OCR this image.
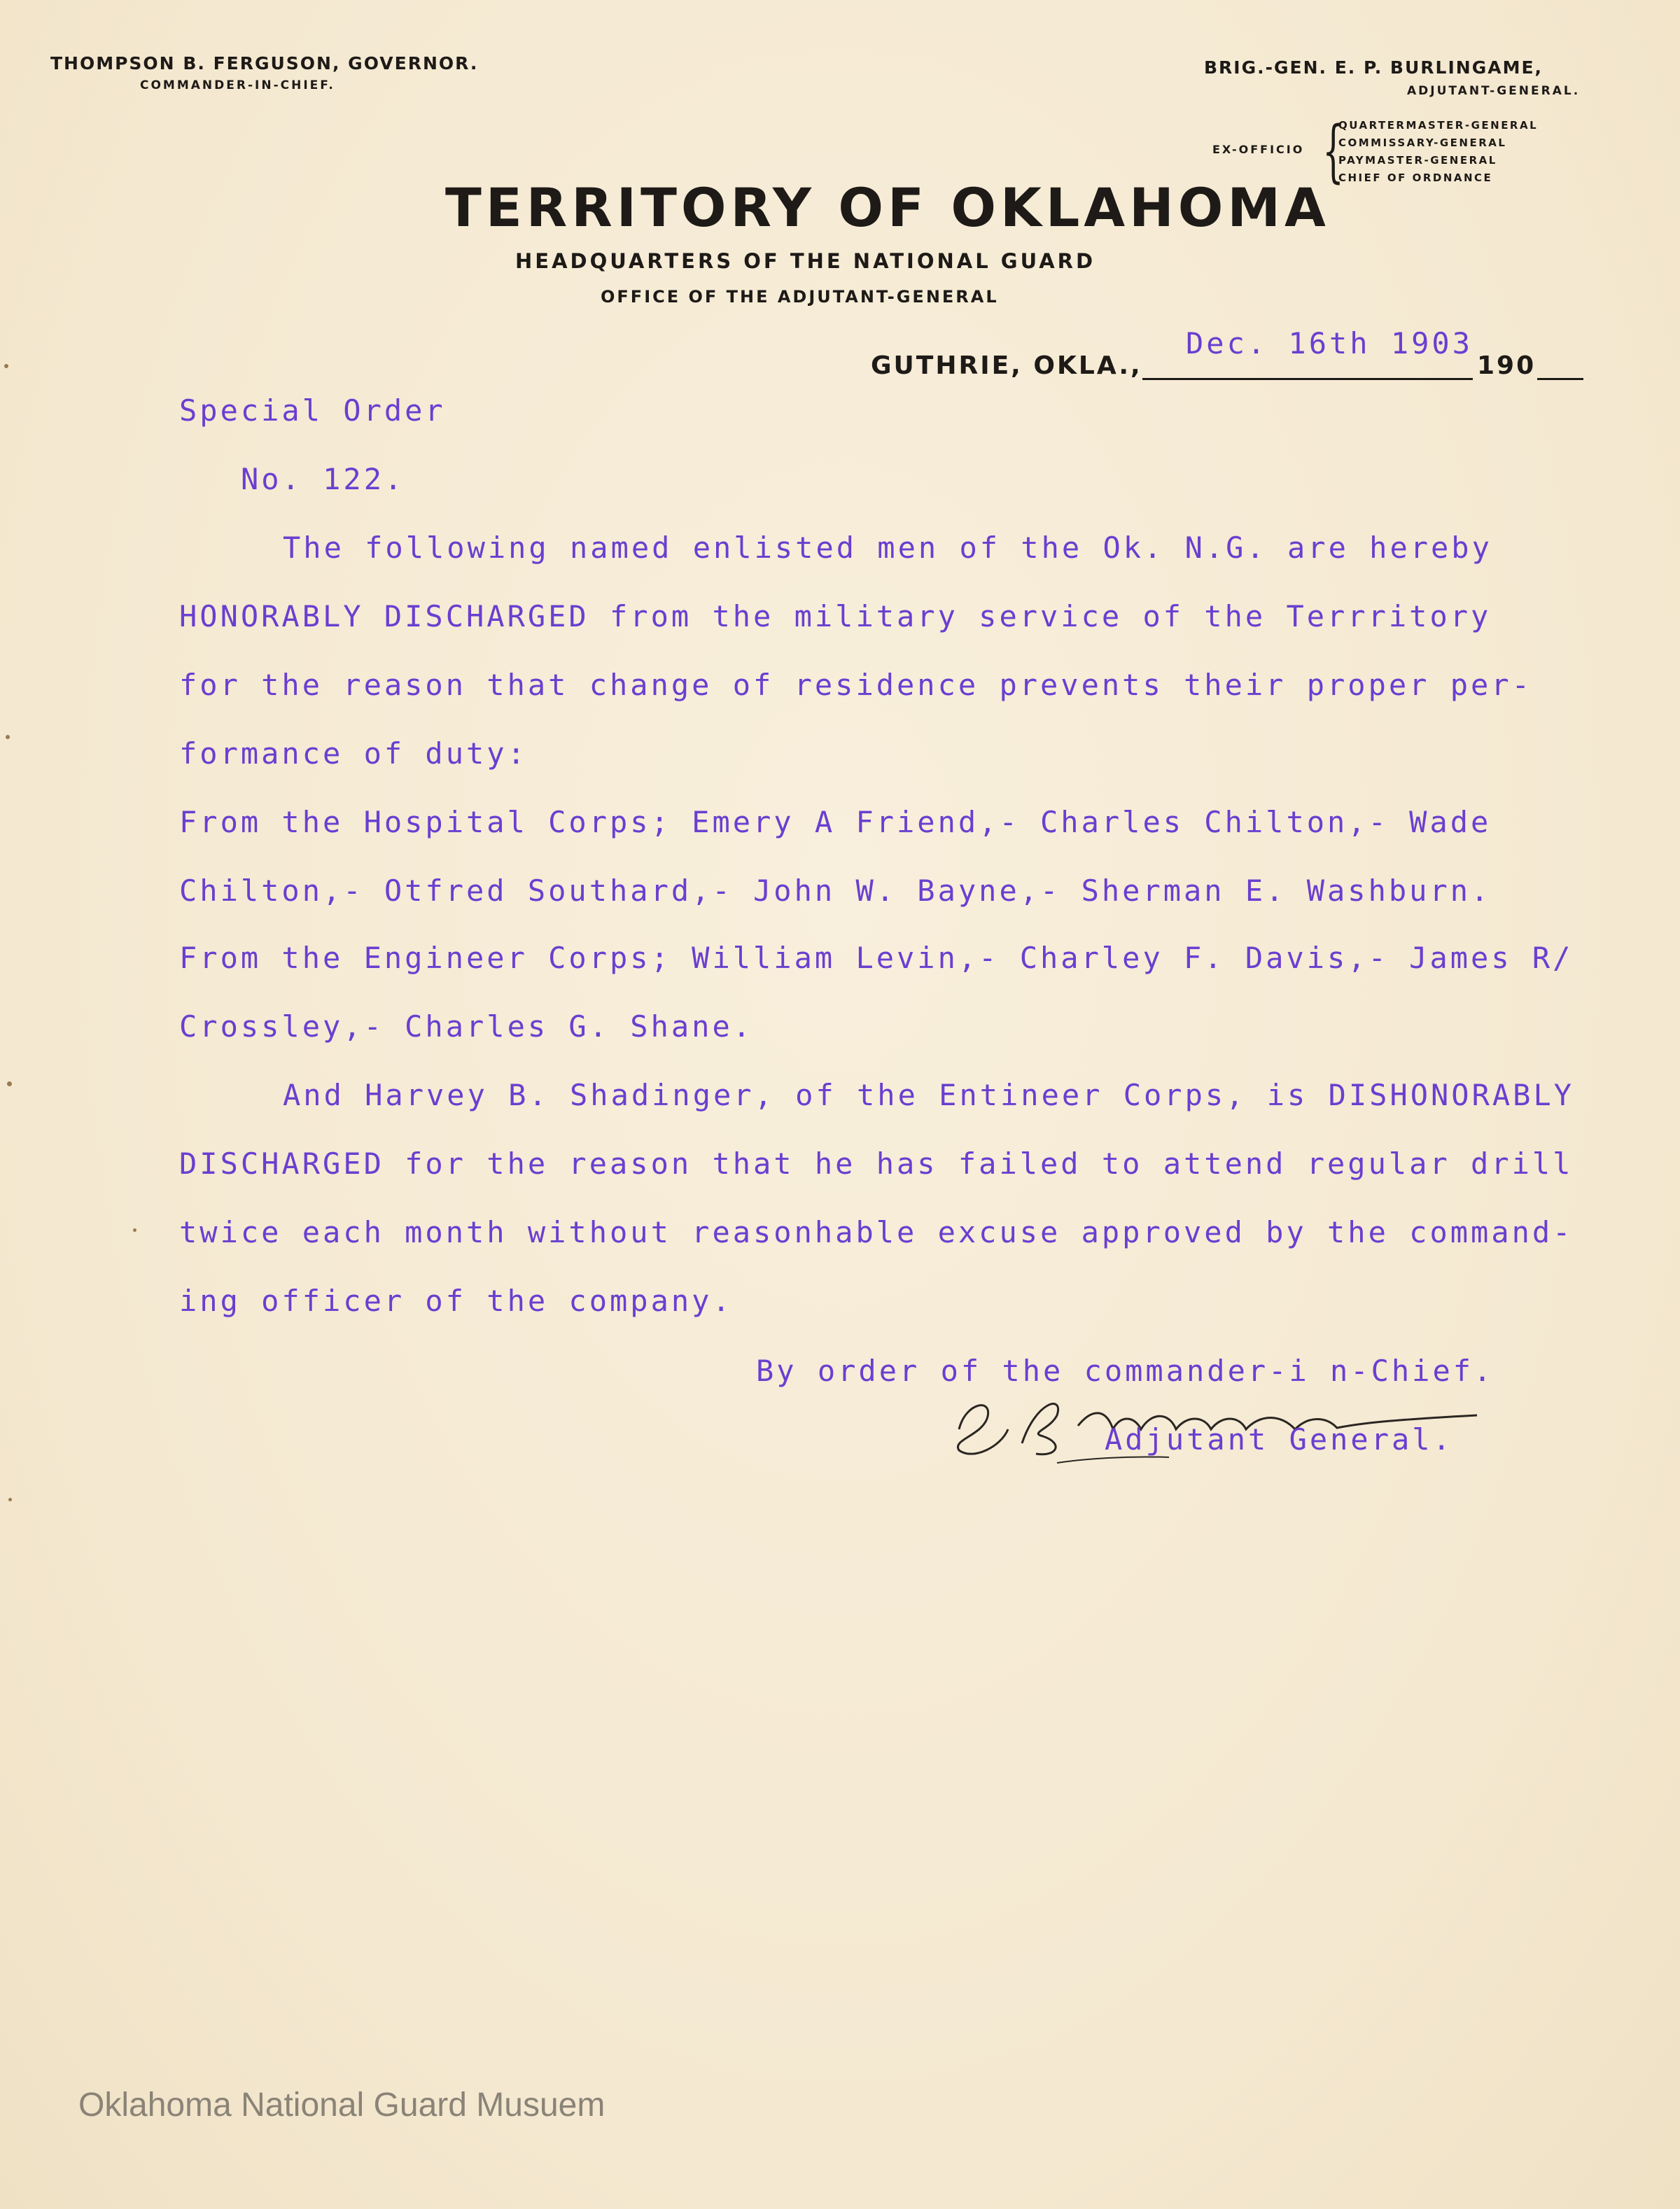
THOMPSON B. FERGUSON, GOVERNOR.
COMMANDER-IN-CHIEF.
BRIG.-GEN. E. P. BURLINGAME,
ADJUTANT-GENERAL.
EX-OFFICIO {
QUARTERMASTER-GENERAL
COMMISSARY-GENERAL
PAYMASTER-GENERAL
CHIEF OF ORDNANCE
TERRITORY OF OKLAHOMA
HEADQUARTERS OF THE NATIONAL GUARD
OFFICE OF THE ADJUTANT-GENERAL
GUTHRIE, OKLA.,	190
Dec. 16th 1903
Special Order
No. 122.
The following named enlisted men of the Ok. N.G. are hereby
HONORABLY DISCHARGED from the military service of the Terrritory
for the reason that change of residence prevents their proper per-
formance of duty:
From the Hospital Corps; Emery A Friend,- Charles Chilton,- Wade
Chilton,- Otfred Southard,- John W. Bayne,- Sherman E. Washburn.
From the Engineer Corps; William Levin,- Charley F. Davis,- James R/
Crossley,- Charles G. Shane.
And Harvey B. Shadinger, of the Entineer Corps, is DISHONORABLY
DISCHARGED for the reason that he has failed to attend regular drill
twice each month without reasonhable excuse approved by the command-
ing officer of the company.
By order of the commander-i n-Chief.
Adjutant General.
Oklahoma National Guard Musuem
